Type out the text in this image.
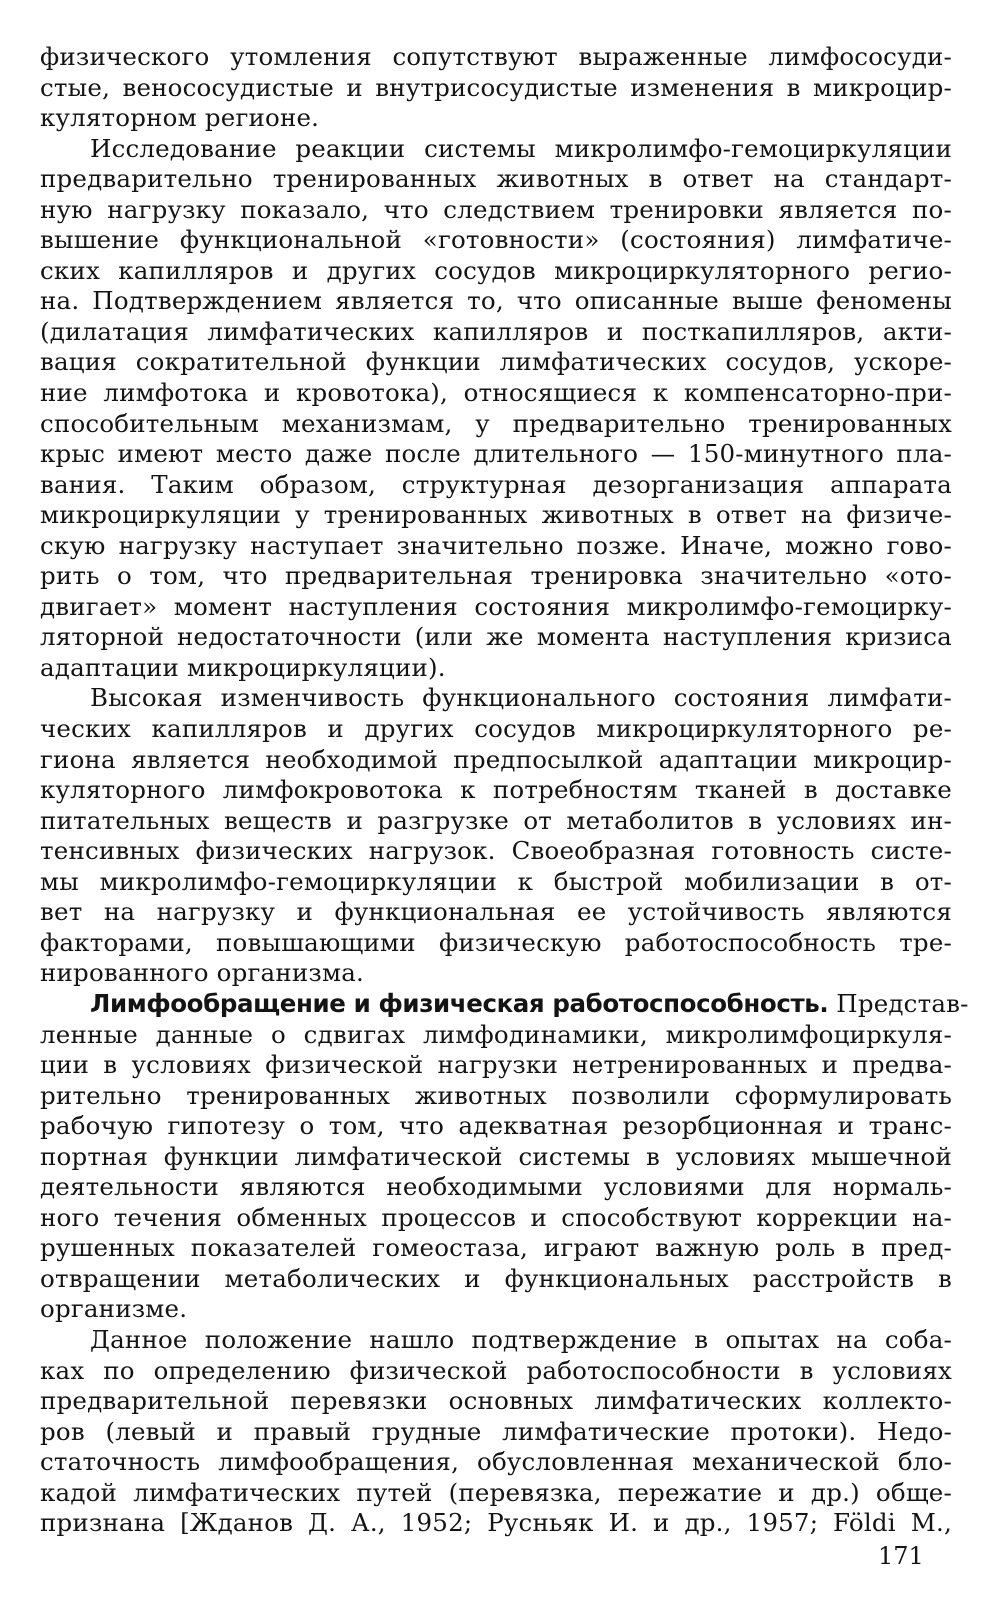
физического утомления сопутствуют выраженные лимфососуди-
стые, венососудистые и внутрисосудистые изменения в микроцир-
куляторном регионе.

Исследование реакции системы микролимфо-гемоциркуляции
предварительно тренированных животных в ответ на стандарт-
ную нагрузку показало, что следствием тренировки является по-
вышение функциональной «готовности» (состояния) лимфатиче-
ских капилляров и других сосудов микроциркуляторного регио-
на. Подтверждением является то, что описанные выше феномены
(дилатация лимфатических капилляров и посткапилляров, акти-
вация сократительной функции лимфатических сосудов, ускоре-
ние лимфотока и кровотока), относящиеся к компенсаторно-при-
способительным механизмам, у предварительно тренированных
крыс имеют место даже после длительного — 150-минутного пла-
вания. Таким образом, структурная дезорганизация аппарата
микроциркуляции у тренированных животных в ответ на физиче-
скую нагрузку наступает значительно позже. Иначе, можно гово-
рить о том, что предварительная тренировка значительно «ото-
двигает» момент наступления состояния микролимфо-гемоцирку-
ляторной недостаточности (или же момента наступления кризиса
адаптации микроциркуляции).

Высокая изменчивость функционального состояния лимфати-
ческих капилляров и других сосудов микроциркуляторного ре-
гиона является необходимой предпосылкой адаптации микроцир-
куляторного лимфокровотока к потребностям тканей в доставке
питательных веществ и разгрузке от метаболитов в условиях ин-
тенсивных физических нагрузок. Своеобразная готовность систе-
мы микролимфо-гемоциркуляции к быстрой мобилизации в от-
вет на нагрузку и функциональная ее устойчивость являются
факторами, повышающими физическую работоспособность тре-
нированного организма.

Лимфообращение и физическая работоспособность. Представ-
ленные данные о сдвигах лимфодинамики, микролимфоциркуля-
ции в условиях физической нагрузки нетренированных и предва-
рительно тренированных животных позволили сформулировать
рабочую гипотезу о том, что адекватная резорбционная и транс-
портная функции лимфатической системы в условиях мышечной
деятельности являются необходимыми условиями для нормаль-
ного течения обменных процессов и способствуют коррекции на-
рушенных показателей гомеостаза, играют важную роль в пред-
отвращении метаболических и функциональных расстройств в
организме.

Данное положение нашло подтверждение в опытах на соба-
ках по определению физической работоспособности в условиях
предварительной перевязки основных лимфатических коллекто-
ров (левый и правый грудные лимфатические протоки). Недо-
статочность лимфообращения, обусловленная механической бло-
кадой лимфатических путей (перевязка, пережатие и др.) обще-
признана [Жданов Д. А., 1952; Русньяк И. и др., 1957; Földi М.,

171
